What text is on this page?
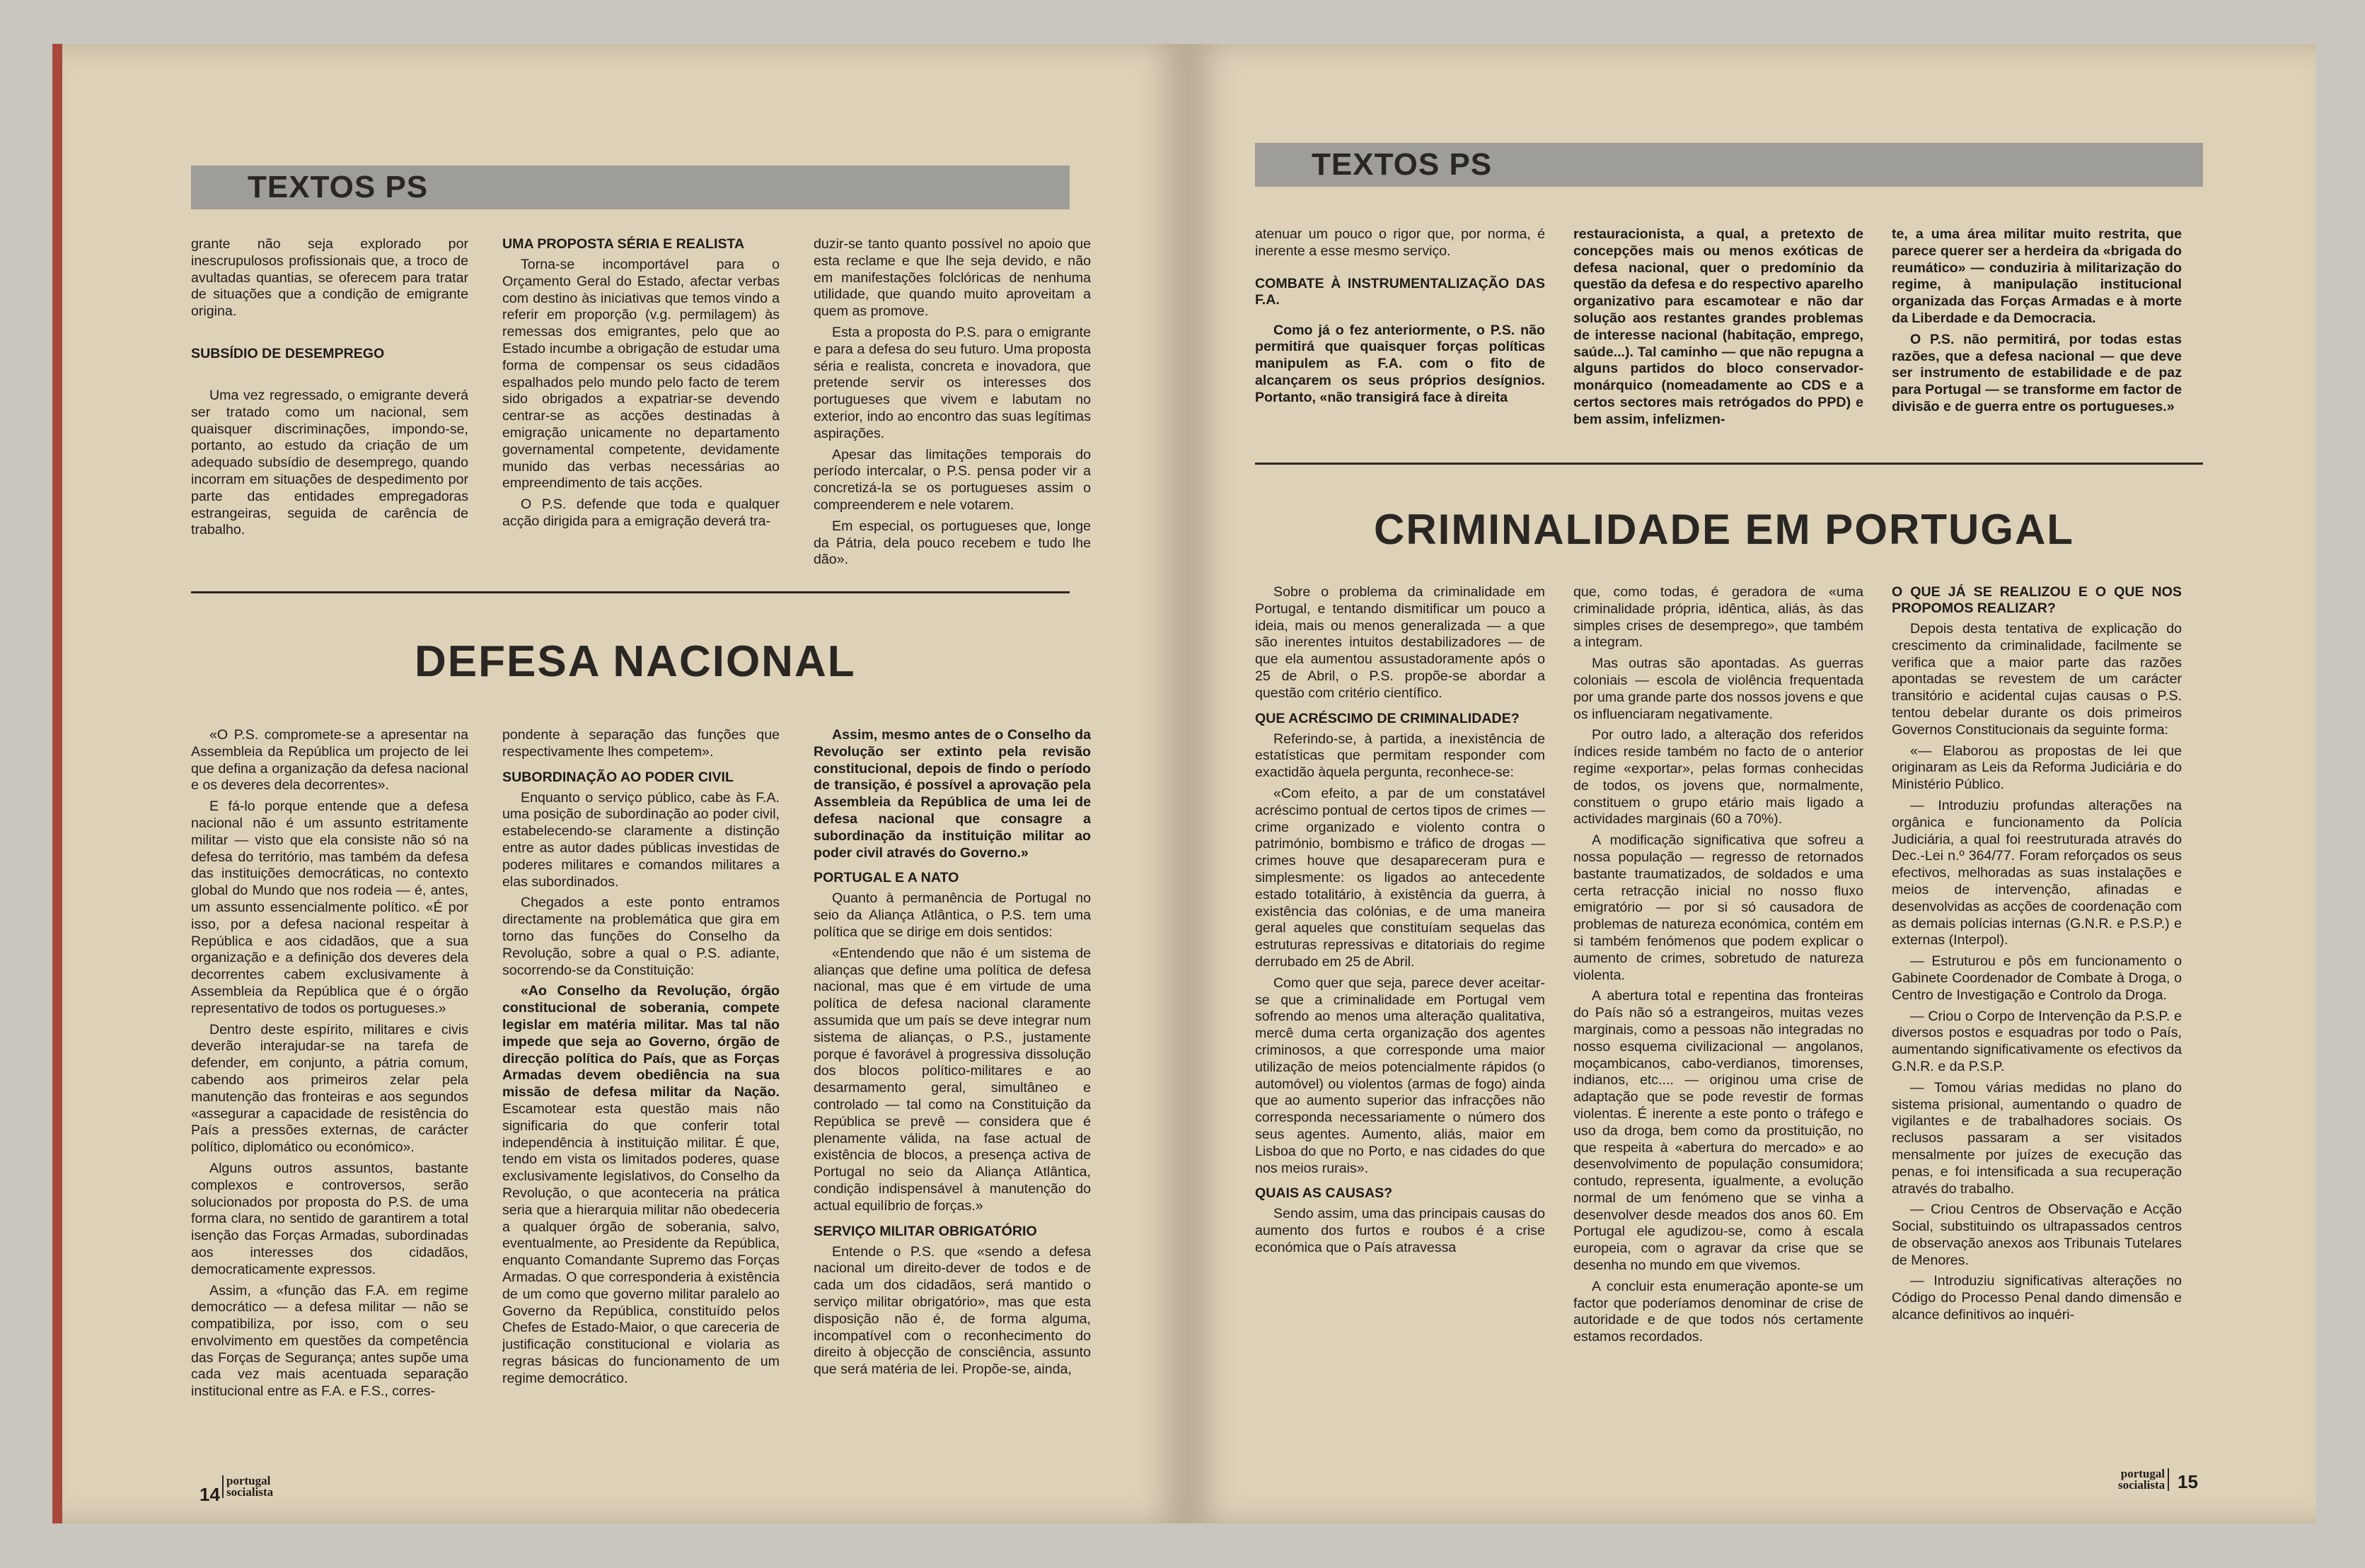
TEXTOS PS

grante não seja explorado por inescrupulosos profissionais que, a troco de avultadas quantias, se oferecem para tratar de situações que a condição de emigrante origina.

SUBSÍDIO DE DESEMPREGO

Uma vez regressado, o emigrante deverá ser tratado como um nacional, sem quaisquer discriminações, impondo-se, portanto, ao estudo da criação de um adequado subsídio de desemprego, quando incorram em situações de despedimento por parte das entidades empregadoras estrangeiras, seguida de carência de trabalho.

UMA PROPOSTA SÉRIA E REALISTA

Torna-se incomportável para o Orçamento Geral do Estado, afectar verbas com destino às iniciativas que temos vindo a referir em proporção (v.g. permilagem) às remessas dos emigrantes, pelo que ao Estado incumbe a obrigação de estudar uma forma de compensar os seus cidadãos espalhados pelo mundo pelo facto de terem sido obrigados a expatriar-se devendo centrar-se as acções destinadas à emigração unicamente no departamento governamental competente, devidamente munido das verbas necessárias ao empreendimento de tais acções.

O P.S. defende que toda e qualquer acção dirigida para a emigração deverá tra-

duzir-se tanto quanto possível no apoio que esta reclame e que lhe seja devido, e não em manifestações folclóricas de nenhuma utilidade, que quando muito aproveitam a quem as promove.

Esta a proposta do P.S. para o emigrante e para a defesa do seu futuro. Uma proposta séria e realista, concreta e inovadora, que pretende servir os interesses dos portugueses que vivem e labutam no exterior, indo ao encontro das suas legítimas aspirações.

Apesar das limitações temporais do período intercalar, o P.S. pensa poder vir a concretizá-la se os portugueses assim o compreenderem e nele votarem.

Em especial, os portugueses que, longe da Pátria, dela pouco recebem e tudo lhe dão».

DEFESA NACIONAL

«O P.S. compromete-se a apresentar na Assembleia da República um projecto de lei que defina a organização da defesa nacional e os deveres dela decorrentes».

E fá-lo porque entende que a defesa nacional não é um assunto estritamente militar — visto que ela consiste não só na defesa do território, mas também da defesa das instituições democráticas, no contexto global do Mundo que nos rodeia — é, antes, um assunto essencialmente político. «É por isso, por a defesa nacional respeitar à República e aos cidadãos, que a sua organização e a definição dos deveres dela decorrentes cabem exclusivamente à Assembleia da República que é o órgão representativo de todos os portugueses.»

Dentro deste espírito, militares e civis deverão interajudar-se na tarefa de defender, em conjunto, a pátria comum, cabendo aos primeiros zelar pela manutenção das fronteiras e aos segundos «assegurar a capacidade de resistência do País a pressões externas, de carácter político, diplomático ou económico».

Alguns outros assuntos, bastante complexos e controversos, serão solucionados por proposta do P.S. de uma forma clara, no sentido de garantirem a total isenção das Forças Armadas, subordinadas aos interesses dos cidadãos, democraticamente expressos.

Assim, a «função das F.A. em regime democrático — a defesa militar — não se compatibiliza, por isso, com o seu envolvimento em questões da competência das Forças de Segurança; antes supõe uma cada vez mais acentuada separação institucional entre as F.A. e F.S., corres-

pondente à separação das funções que respectivamente lhes competem».

SUBORDINAÇÃO AO PODER CIVIL

Enquanto o serviço público, cabe às F.A. uma posição de subordinação ao poder civil, estabelecendo-se claramente a distinção entre as autor dades públicas investidas de poderes militares e comandos militares a elas subordinados.

Chegados a este ponto entramos directamente na problemática que gira em torno das funções do Conselho da Revolução, sobre a qual o P.S. adiante, socorrendo-se da Constituição:

«Ao Conselho da Revolução, órgão constitucional de soberania, compete legislar em matéria militar. Mas tal não impede que seja ao Governo, órgão de direcção política do País, que as Forças Armadas devem obediência na sua missão de defesa militar da Nação. Escamotear esta questão mais não significaria do que conferir total independência à instituição militar. É que, tendo em vista os limitados poderes, quase exclusivamente legislativos, do Conselho da Revolução, o que aconteceria na prática seria que a hierarquia militar não obedeceria a qualquer órgão de soberania, salvo, eventualmente, ao Presidente da República, enquanto Comandante Supremo das Forças Armadas. O que corresponderia à existência de um como que governo militar paralelo ao Governo da República, constituído pelos Chefes de Estado-Maior, o que careceria de justificação constitucional e violaria as regras básicas do funcionamento de um regime democrático.

Assim, mesmo antes de o Conselho da Revolução ser extinto pela revisão constitucional, depois de findo o período de transição, é possível a aprovação pela Assembleia da República de uma lei de defesa nacional que consagre a subordinação da instituição militar ao poder civil através do Governo.»

PORTUGAL E A NATO

Quanto à permanência de Portugal no seio da Aliança Atlântica, o P.S. tem uma política que se dirige em dois sentidos:

«Entendendo que não é um sistema de alianças que define uma política de defesa nacional, mas que é em virtude de uma política de defesa nacional claramente assumida que um país se deve integrar num sistema de alianças, o P.S., justamente porque é favorável à progressiva dissolução dos blocos político-militares e ao desarmamento geral, simultâneo e controlado — tal como na Constituição da República se prevê — considera que é plenamente válida, na fase actual de existência de blocos, a presença activa de Portugal no seio da Aliança Atlântica, condição indispensável à manutenção do actual equilíbrio de forças.»

SERVIÇO MILITAR OBRIGATÓRIO

Entende o P.S. que «sendo a defesa nacional um direito-dever de todos e de cada um dos cidadãos, será mantido o serviço militar obrigatório», mas que esta disposição não é, de forma alguma, incompatível com o reconhecimento do direito à objecção de consciência, assunto que será matéria de lei. Propõe-se, ainda,

14
portugal
socialista
TEXTOS PS

atenuar um pouco o rigor que, por norma, é inerente a esse mesmo serviço.

COMBATE À INSTRUMENTALIZAÇÃO DAS F.A.

Como já o fez anteriormente, o P.S. não permitirá que quaisquer forças políticas manipulem as F.A. com o fito de alcançarem os seus próprios desígnios. Portanto, «não transigirá face à direita

restauracionista, a qual, a pretexto de concepções mais ou menos exóticas de defesa nacional, quer o predomínio da questão da defesa e do respectivo aparelho organizativo para escamotear e não dar solução aos restantes grandes problemas de interesse nacional (habitação, emprego, saúde...). Tal caminho — que não repugna a alguns partidos do bloco conservador-monárquico (nomeadamente ao CDS e a certos sectores mais retrógados do PPD) e bem assim, infelizmen-

te, a uma área militar muito restrita, que parece querer ser a herdeira da «brigada do reumático» — conduziria à militarização do regime, à manipulação institucional organizada das Forças Armadas e à morte da Liberdade e da Democracia.

O P.S. não permitirá, por todas estas razões, que a defesa nacional — que deve ser instrumento de estabilidade e de paz para Portugal — se transforme em factor de divisão e de guerra entre os portugueses.»

CRIMINALIDADE EM PORTUGAL

Sobre o problema da criminalidade em Portugal, e tentando dismitificar um pouco a ideia, mais ou menos generalizada — a que são inerentes intuitos destabilizadores — de que ela aumentou assustadoramente após o 25 de Abril, o P.S. propõe-se abordar a questão com critério científico.

QUE ACRÉSCIMO DE CRIMINALIDADE?

Referindo-se, à partida, a inexistência de estatísticas que permitam responder com exactidão àquela pergunta, reconhece-se:

«Com efeito, a par de um constatável acréscimo pontual de certos tipos de crimes — crime organizado e violento contra o património, bombismo e tráfico de drogas — crimes houve que desapareceram pura e simplesmente: os ligados ao antecedente estado totalitário, à existência da guerra, à existência das colónias, e de uma maneira geral aqueles que constituíam sequelas das estruturas repressivas e ditatoriais do regime derrubado em 25 de Abril.

Como quer que seja, parece dever aceitar-se que a criminalidade em Portugal vem sofrendo ao menos uma alteração qualitativa, mercê duma certa organização dos agentes criminosos, a que corresponde uma maior utilização de meios potencialmente rápidos (o automóvel) ou violentos (armas de fogo) ainda que ao aumento superior das infracções não corresponda necessariamente o número dos seus agentes. Aumento, aliás, maior em Lisboa do que no Porto, e nas cidades do que nos meios rurais».

QUAIS AS CAUSAS?

Sendo assim, uma das principais causas do aumento dos furtos e roubos é a crise económica que o País atravessa

que, como todas, é geradora de «uma criminalidade própria, idêntica, aliás, às das simples crises de desemprego», que também a integram.

Mas outras são apontadas. As guerras coloniais — escola de violência frequentada por uma grande parte dos nossos jovens e que os influenciaram negativamente.

Por outro lado, a alteração dos referidos índices reside também no facto de o anterior regime «exportar», pelas formas conhecidas de todos, os jovens que, normalmente, constituem o grupo etário mais ligado a actividades marginais (60 a 70%).

A modificação significativa que sofreu a nossa população — regresso de retornados bastante traumatizados, de soldados e uma certa retracção inicial no nosso fluxo emigratório — por si só causadora de problemas de natureza económica, contém em si também fenómenos que podem explicar o aumento de crimes, sobretudo de natureza violenta.

A abertura total e repentina das fronteiras do País não só a estrangeiros, muitas vezes marginais, como a pessoas não integradas no nosso esquema civilizacional — angolanos, moçambicanos, cabo-verdianos, timorenses, indianos, etc.... — originou uma crise de adaptação que se pode revestir de formas violentas. É inerente a este ponto o tráfego e uso da droga, bem como da prostituição, no que respeita à «abertura do mercado» e ao desenvolvimento de população consumidora; contudo, representa, igualmente, a evolução normal de um fenómeno que se vinha a desenvolver desde meados dos anos 60. Em Portugal ele agudizou-se, como à escala europeia, com o agravar da crise que se desenha no mundo em que vivemos.

A concluir esta enumeração aponte-se um factor que poderíamos denominar de crise de autoridade e de que todos nós certamente estamos recordados.

O QUE JÁ SE REALIZOU E O QUE NOS PROPOMOS REALIZAR?

Depois desta tentativa de explicação do crescimento da criminalidade, facilmente se verifica que a maior parte das razões apontadas se revestem de um carácter transitório e acidental cujas causas o P.S. tentou debelar durante os dois primeiros Governos Constitucionais da seguinte forma:

«— Elaborou as propostas de lei que originaram as Leis da Reforma Judiciária e do Ministério Público.

— Introduziu profundas alterações na orgânica e funcionamento da Polícia Judiciária, a qual foi reestruturada através do Dec.-Lei n.º 364/77. Foram reforçados os seus efectivos, melhoradas as suas instalações e meios de intervenção, afinadas e desenvolvidas as acções de coordenação com as demais polícias internas (G.N.R. e P.S.P.) e externas (Interpol).

— Estruturou e pôs em funcionamento o Gabinete Coordenador de Combate à Droga, o Centro de Investigação e Controlo da Droga.

— Criou o Corpo de Intervenção da P.S.P. e diversos postos e esquadras por todo o País, aumentando significativamente os efectivos da G.N.R. e da P.S.P.

— Tomou várias medidas no plano do sistema prisional, aumentando o quadro de vigilantes e de trabalhadores sociais. Os reclusos passaram a ser visitados mensalmente por juízes de execução das penas, e foi intensificada a sua recuperação através do trabalho.

— Criou Centros de Observação e Acção Social, substituindo os ultrapassados centros de observação anexos aos Tribunais Tutelares de Menores.

— Introduziu significativas alterações no Código do Processo Penal dando dimensão e alcance definitivos ao inquéri-

portugal
socialista 15
